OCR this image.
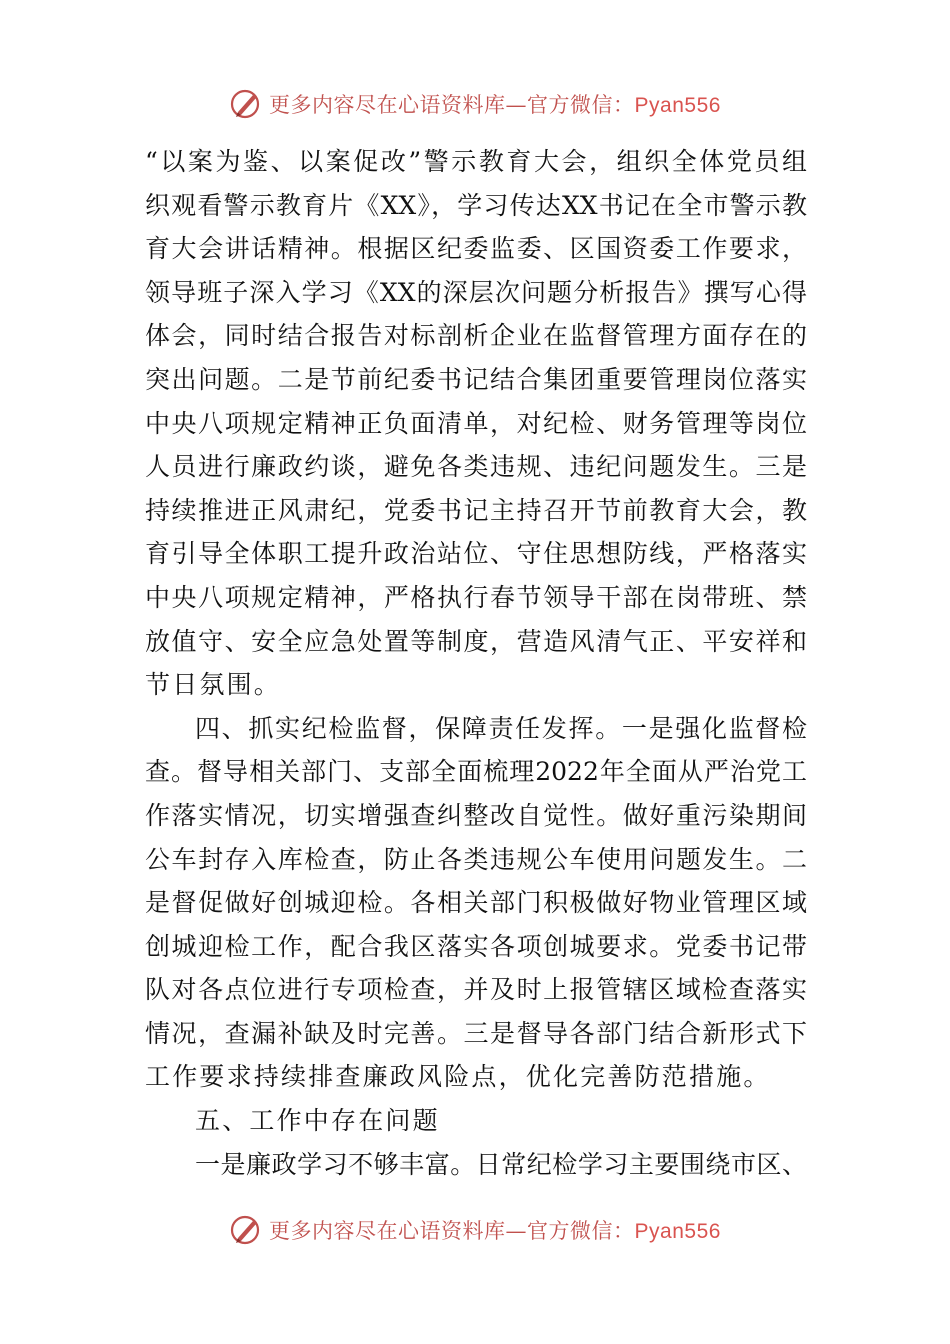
更多内容尽在心语资料库—官方微信：Pyan556
“以案为鉴、以案促改”警示教育大会，组织全体党员组
织观看警示教育片《XX》，学习传达XX书记在全市警示教
育大会讲话精神。根据区纪委监委、区国资委工作要求，
领导班子深入学习《XX的深层次问题分析报告》撰写心得
体会，同时结合报告对标剖析企业在监督管理方面存在的
突出问题。二是节前纪委书记结合集团重要管理岗位落实
中央八项规定精神正负面清单，对纪检、财务管理等岗位
人员进行廉政约谈，避免各类违规、违纪问题发生。三是
持续推进正风肃纪，党委书记主持召开节前教育大会，教
育引导全体职工提升政治站位、守住思想防线，严格落实
中央八项规定精神，严格执行春节领导干部在岗带班、禁
放值守、安全应急处置等制度，营造风清气正、平安祥和
节日氛围。
四、抓实纪检监督，保障责任发挥。一是强化监督检
查。督导相关部门、支部全面梳理2022年全面从严治党工
作落实情况，切实增强查纠整改自觉性。做好重污染期间
公车封存入库检查，防止各类违规公车使用问题发生。二
是督促做好创城迎检。各相关部门积极做好物业管理区域
创城迎检工作，配合我区落实各项创城要求。党委书记带
队对各点位进行专项检查，并及时上报管辖区域检查落实
情况，查漏补缺及时完善。三是督导各部门结合新形式下
工作要求持续排查廉政风险点，优化完善防范措施。
五、工作中存在问题
一是廉政学习不够丰富。日常纪检学习主要围绕市区、
更多内容尽在心语资料库—官方微信：Pyan556
